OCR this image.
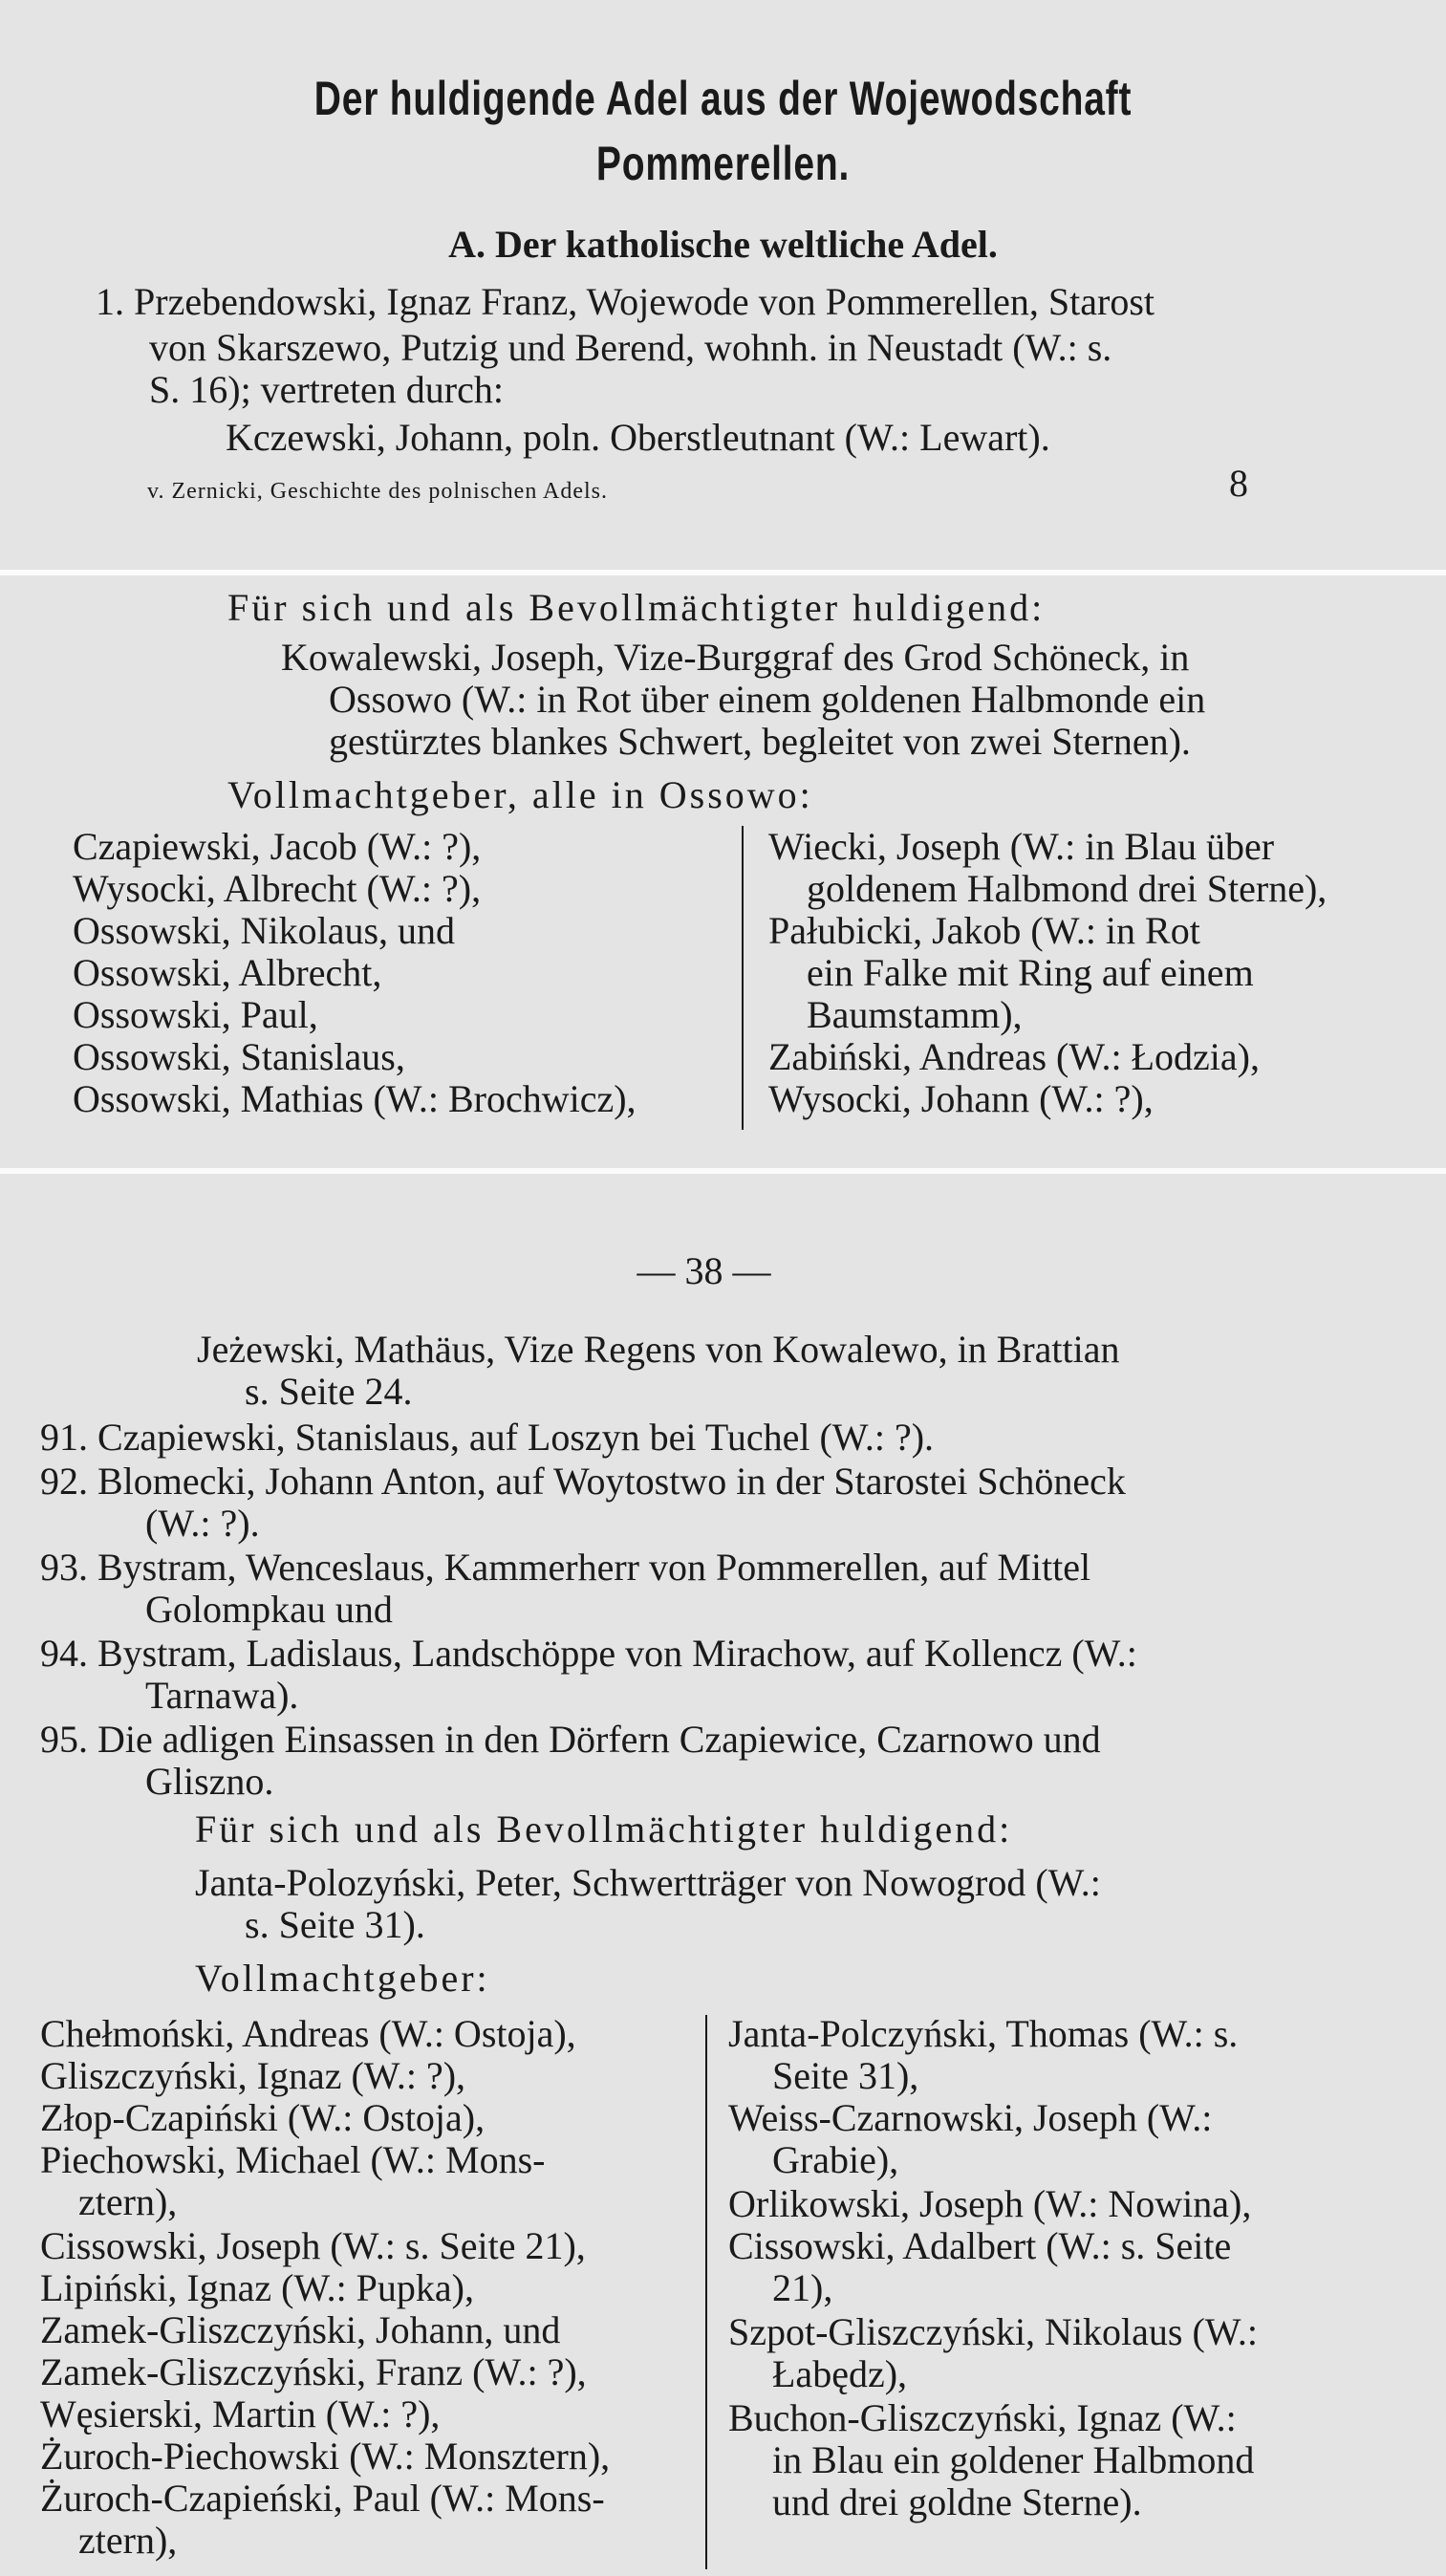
Der huldigende Adel aus der Wojewodschaft
Pommerellen.
A. Der katholische weltliche Adel.
1. Przebendowski, Ignaz Franz, Wojewode von Pommerellen, Starost
von Skarszewo, Putzig und Berend, wohnh. in Neustadt (W.: s.
S. 16); vertreten durch:
Kczewski, Johann, poln. Oberstleutnant (W.: Lewart).
v. Zernicki, Geschichte des polnischen Adels.	8
Für sich und als Bevollmächtigter huldigend:
Kowalewski, Joseph, Vize-Burggraf des Grod Schöneck, in
Ossowo (W.: in Rot über einem goldenen Halbmonde ein
gestürztes blankes Schwert, begleitet von zwei Sternen).
Vollmachtgeber, alle in Ossowo:
Czapiewski, Jacob (W.: ?),
Wysocki, Albrecht (W.: ?),
Ossowski, Nikolaus, und
Ossowski, Albrecht,
Ossowski, Paul,
Ossowski, Stanislaus,
Ossowski, Mathias (W.: Brochwicz),
Wiecki, Joseph (W.: in Blau über
goldenem Halbmond drei Sterne),
Pałubicki, Jakob (W.: in Rot
ein Falke mit Ring auf einem
Baumstamm),
Zabiński, Andreas (W.: Łodzia),
Wysocki, Johann (W.: ?),
— 38 —
Jeżewski, Mathäus, Vize Regens von Kowalewo, in Brattian
s. Seite 24.
91. Czapiewski, Stanislaus, auf Loszyn bei Tuchel (W.: ?).
92. Blomecki, Johann Anton, auf Woytostwo in der Starostei Schöneck
(W.: ?).
93. Bystram, Wenceslaus, Kammerherr von Pommerellen, auf Mittel
Golompkau und
94. Bystram, Ladislaus, Landschöppe von Mirachow, auf Kollencz (W.:
Tarnawa).
95. Die adligen Einsassen in den Dörfern Czapiewice, Czarnowo und
Gliszno.
Für sich und als Bevollmächtigter huldigend:
Janta-Polozyński, Peter, Schwertträger von Nowogrod (W.:
s. Seite 31).
Vollmachtgeber:
Chełmoński, Andreas (W.: Ostoja),
Gliszczyński, Ignaz (W.: ?),
Złop-Czapiński (W.: Ostoja),
Piechowski, Michael (W.: Mons-
ztern),
Cissowski, Joseph (W.: s. Seite 21),
Lipiński, Ignaz (W.: Pupka),
Zamek-Gliszczyński, Johann, und
Zamek-Gliszczyński, Franz (W.: ?),
Węsierski, Martin (W.: ?),
Żuroch-Piechowski (W.: Monsztern),
Żuroch-Czapieński, Paul (W.: Mons-
ztern),
Janta-Polczyński, Thomas (W.: s.
Seite 31),
Weiss-Czarnowski, Joseph (W.:
Grabie),
Orlikowski, Joseph (W.: Nowina),
Cissowski, Adalbert (W.: s. Seite
21),
Szpot-Gliszczyński, Nikolaus (W.:
Łabędz),
Buchon-Gliszczyński, Ignaz (W.:
in Blau ein goldener Halbmond
und drei goldne Sterne).
